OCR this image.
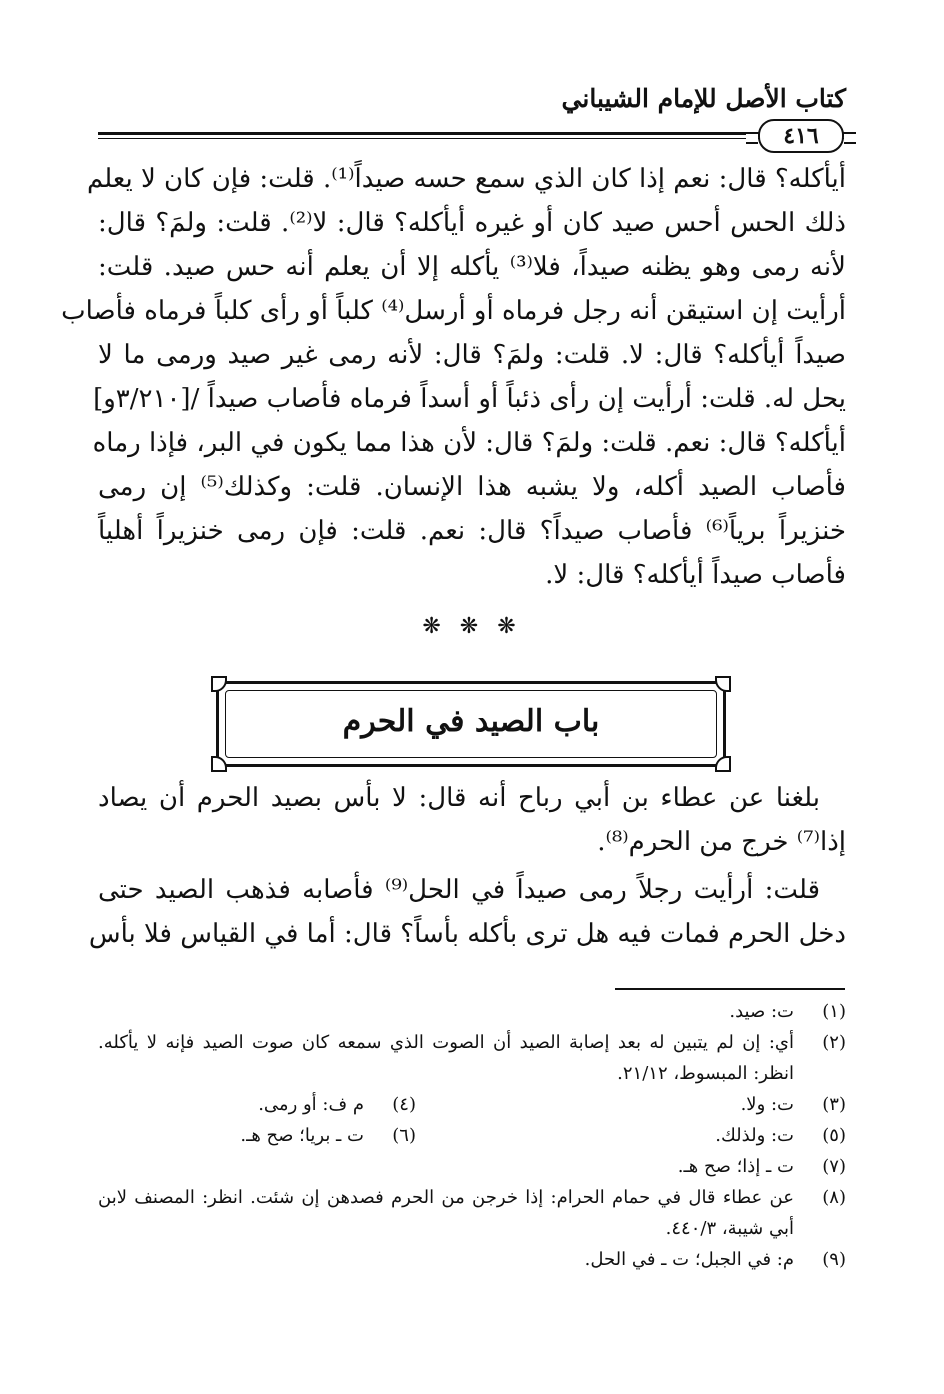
كتاب الأصل للإمام الشيباني
٤١٦
أيأكله؟ قال: نعم إذا كان الذي سمع حسه صيداً⁽¹⁾. قلت: فإن كان لا يعلم
ذلك الحس أحس صيد كان أو غيره أيأكله؟ قال: لا⁽²⁾. قلت: ولمَ؟ قال:
لأنه رمى وهو يظنه صيداً، فلا⁽³⁾ يأكله إلا أن يعلم أنه حس صيد. قلت:
أرأيت إن استيقن أنه رجل فرماه أو أرسل⁽⁴⁾ كلباً أو رأى كلباً فرماه فأصاب
صيداً أيأكله؟ قال: لا. قلت: ولمَ؟ قال: لأنه رمى غير صيد ورمى ما لا
يحل له. قلت: أرأيت إن رأى ذئباً أو أسداً فرماه فأصاب صيداً /[٣/٢١٠و]
أيأكله؟ قال: نعم. قلت: ولمَ؟ قال: لأن هذا مما يكون في البر، فإذا رماه
فأصاب الصيد أكله، ولا يشبه هذا الإنسان. قلت: وكذلك⁽⁵⁾ إن رمى
خنزيراً برياً⁽⁶⁾ فأصاب صيداً؟ قال: نعم. قلت: فإن رمى خنزيراً أهلياً
فأصاب صيداً أيأكله؟ قال: لا.
❋ ❋ ❋
باب الصيد في الحرم
بلغنا عن عطاء بن أبي رباح أنه قال: لا بأس بصيد الحرم أن يصاد
إذا⁽⁷⁾ خرج من الحرم⁽⁸⁾.
قلت: أرأيت رجلاً رمى صيداً في الحل⁽⁹⁾ فأصابه فذهب الصيد حتى
دخل الحرم فمات فيه هل ترى بأكله بأساً؟ قال: أما في القياس فلا بأس
(١)
ت: صيد.
(٢)
أي: إن لم يتبين له بعد إصابة الصيد أن الصوت الذي سمعه كان صوت الصيد فإنه لا يأكله. انظر: المبسوط، ٢١/١٢.
(٣)
ت: ولا.
(٤)
م ف: أو رمى.
(٥)
ت: ولذلك.
(٦)
ت ـ بريا؛ صح هـ.
(٧)
ت ـ إذا؛ صح هـ.
(٨)
عن عطاء قال في حمام الحرام: إذا خرجن من الحرم فصدهن إن شئت. انظر: المصنف لابن أبي شيبة، ٤٤٠/٣.
(٩)
م: في الجبل؛ ت ـ في الحل.
